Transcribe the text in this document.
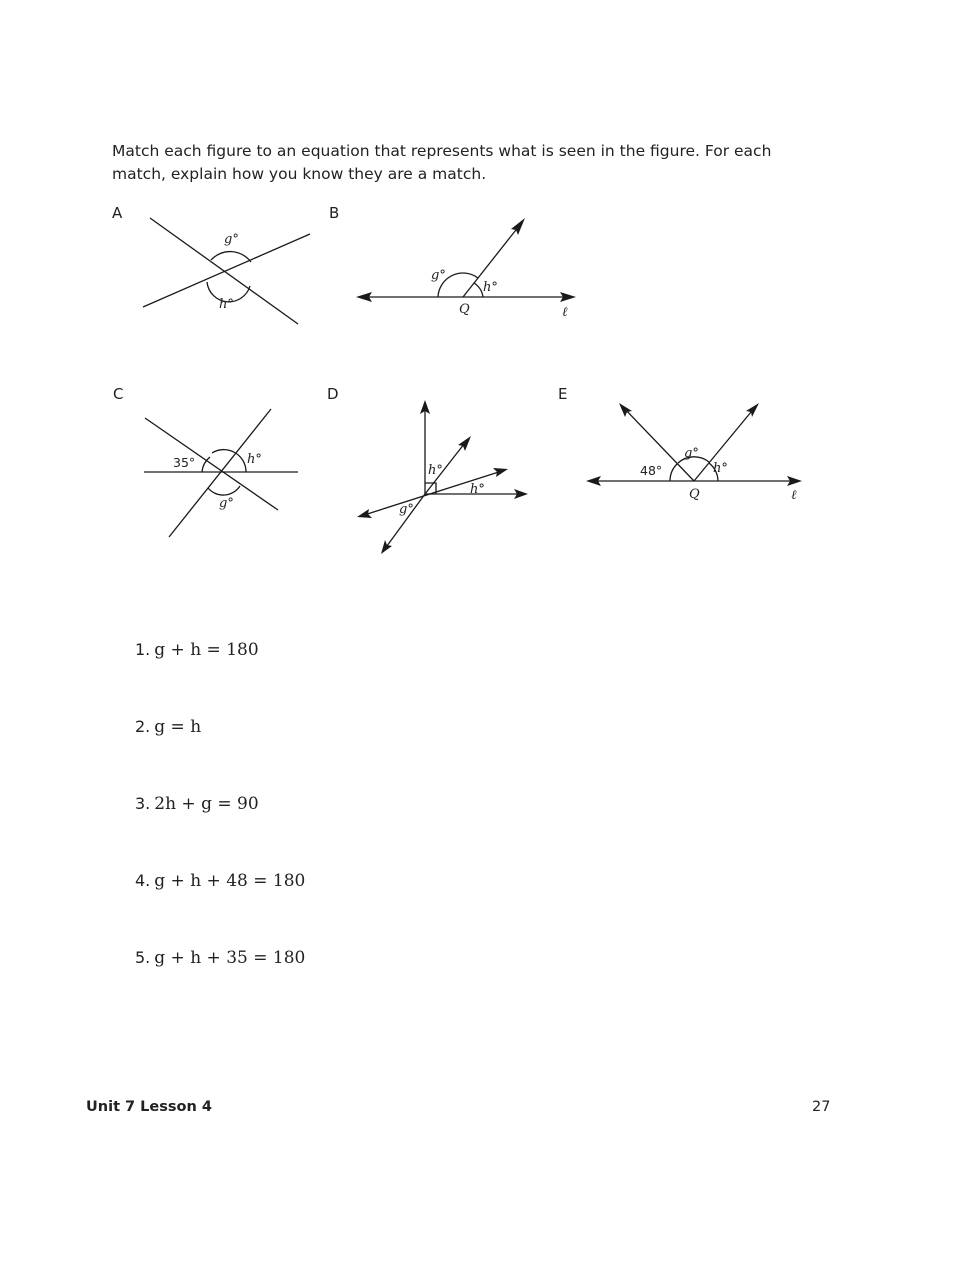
Match each figure to an equation that represents what is seen in the figure. For each match, explain how you know they are a match.

A	B
C	D	E
g°
h°
g°
h°
Q	ℓ
35°	h°
g°
h°
h°
g°
48°
g°
h°
Q	ℓ
1. g + h = 180
2. g = h
3. 2h + g = 90
4. g + h + 48 = 180
5. g + h + 35 = 180
Unit 7 Lesson 4	27
